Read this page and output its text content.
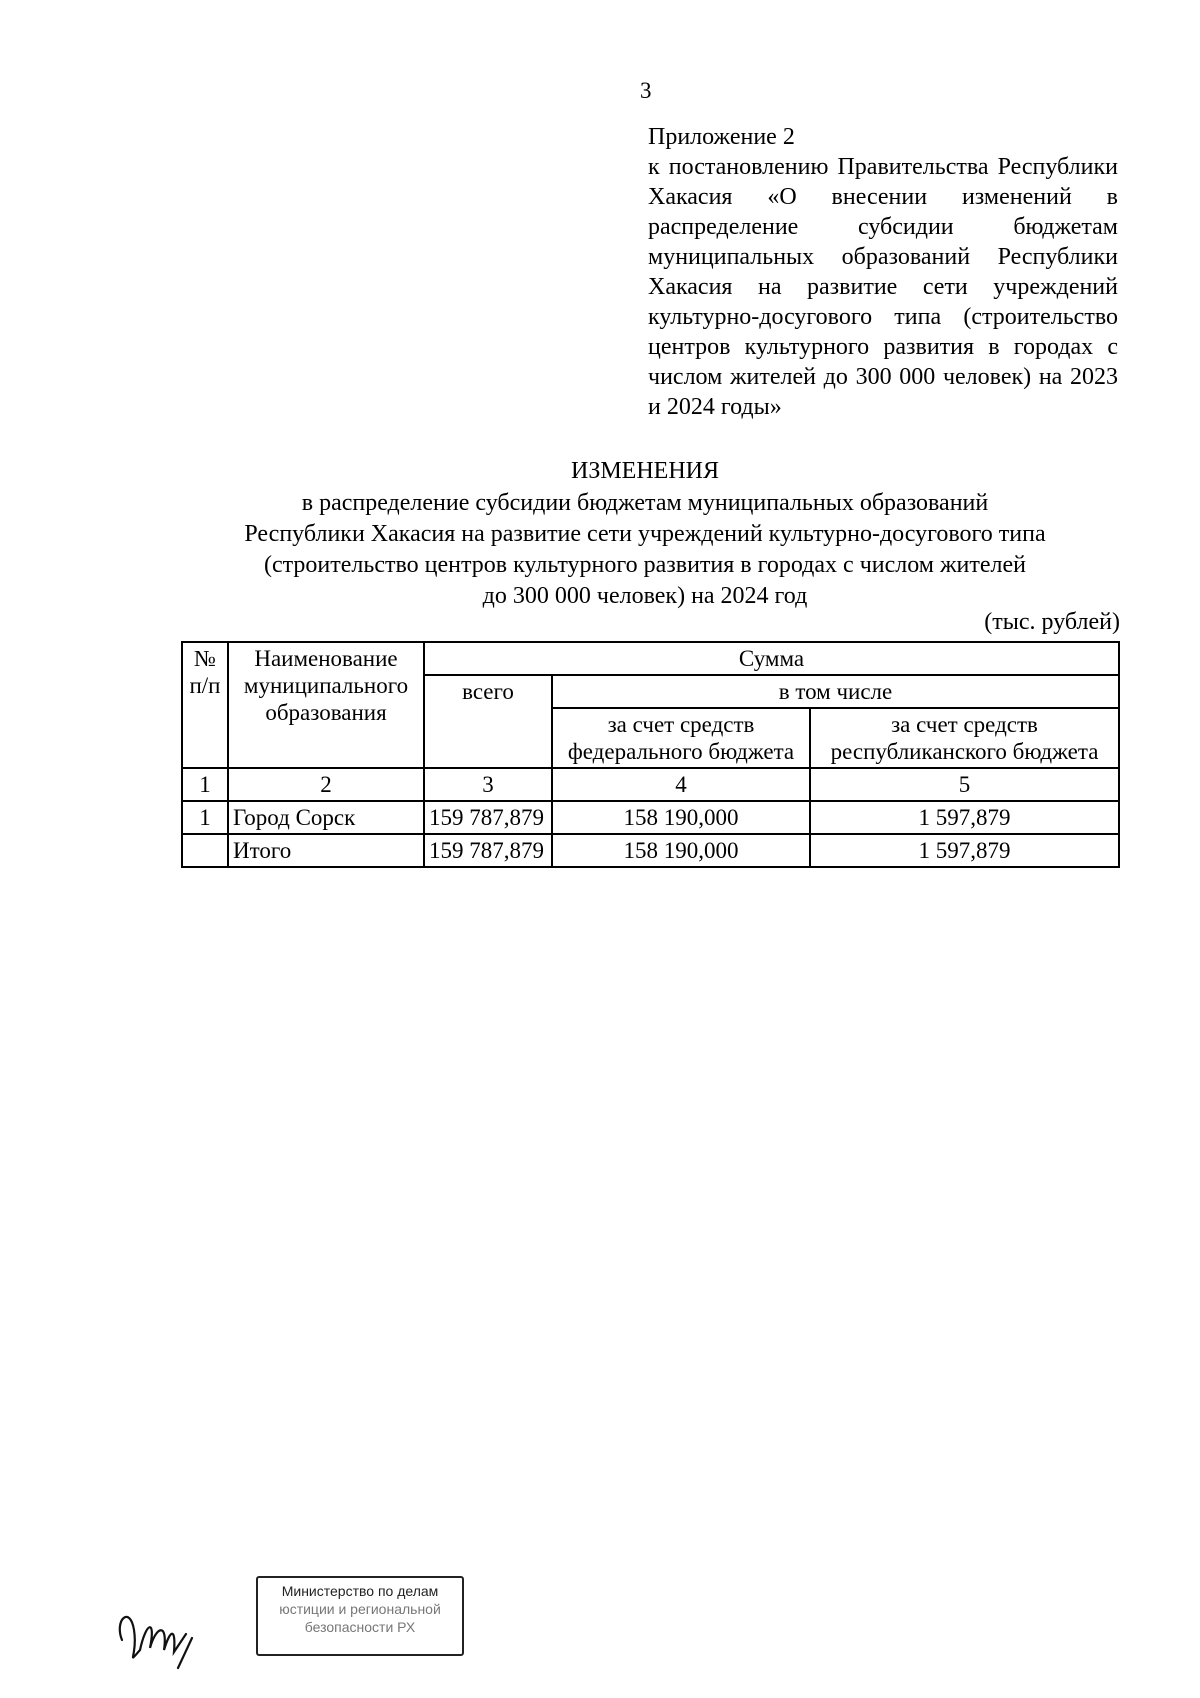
3
Приложение 2
к постановлению Правительства Республики Хакасия «О внесении изменений в распределение субсидии бюджетам муниципальных образований Республики Хакасия на развитие сети учреждений культурно-досугового типа (строительство центров культурного развития в городах с числом жителей до 300 000 человек) на 2023 и 2024 годы»
ИЗМЕНЕНИЯ
в распределение субсидии бюджетам муниципальных образований
Республики Хакасия на развитие сети учреждений культурно-досугового типа
(строительство центров культурного развития в городах с числом жителей
до 300 000 человек) на 2024 год
(тыс. рублей)
№ п/п	Наименование муниципального образования	Сумма		
		всего	в том числе	
			за счет средств федерального бюджета	за счет средств республиканского бюджета
1	2	3	4	5
1	Город Сорск	159 787,879	158 190,000	1 597,879
	Итого	159 787,879	158 190,000	1 597,879
Министерство по делам
юстиции и региональной
безопасности РХ
